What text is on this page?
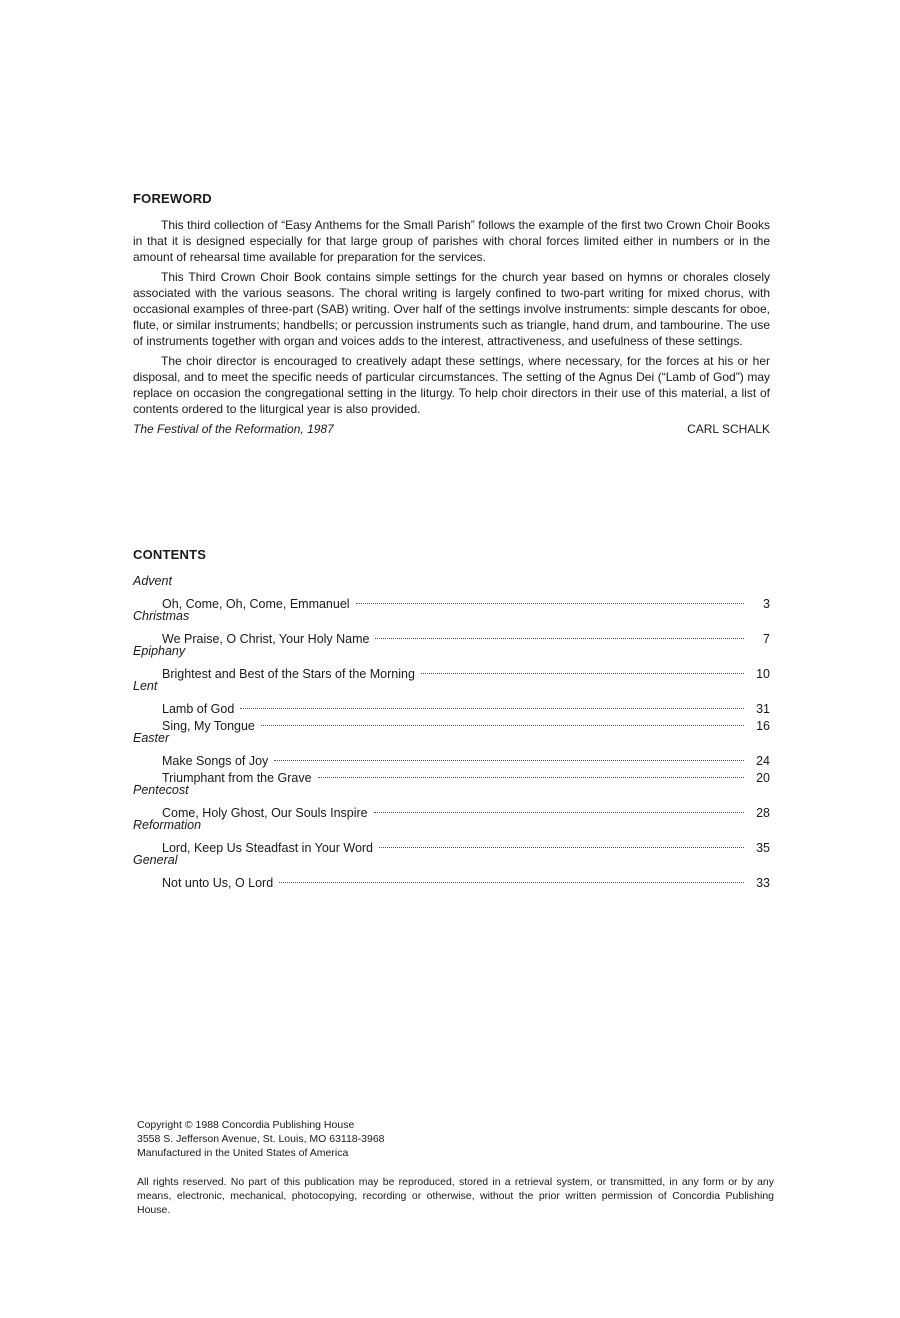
FOREWORD

This third collection of “Easy Anthems for the Small Parish” follows the example of the first two Crown Choir Books in that it is designed especially for that large group of parishes with choral forces limited either in numbers or in the amount of rehearsal time available for preparation for the services.

This Third Crown Choir Book contains simple settings for the church year based on hymns or chorales closely associated with the various seasons. The choral writing is largely confined to two-part writing for mixed chorus, with occasional examples of three-part (SAB) writing. Over half of the settings involve instruments: simple descants for oboe, flute, or similar instruments; handbells; or percussion instruments such as triangle, hand drum, and tambourine. The use of instruments together with organ and voices adds to the interest, attractiveness, and usefulness of these settings.

The choir director is encouraged to creatively adapt these settings, where necessary, for the forces at his or her disposal, and to meet the specific needs of particular circumstances. The setting of the Agnus Dei (“Lamb of God”) may replace on occasion the congregational setting in the liturgy. To help choir directors in their use of this material, a list of contents ordered to the liturgical year is also provided.

The Festival of the Reformation, 1987	CARL SCHALK
CONTENTS
Advent
Oh, Come, Oh, Come, Emmanuel	3
Christmas
We Praise, O Christ, Your Holy Name	7
Epiphany
Brightest and Best of the Stars of the Morning	10
Lent
Lamb of God	31
Sing, My Tongue	16
Easter
Make Songs of Joy	24
Triumphant from the Grave	20
Pentecost
Come, Holy Ghost, Our Souls Inspire	28
Reformation
Lord, Keep Us Steadfast in Your Word	35
General
Not unto Us, O Lord	33
Copyright © 1988 Concordia Publishing House
3558 S. Jefferson Avenue, St. Louis, MO 63118-3968
Manufactured in the United States of America
All rights reserved. No part of this publication may be reproduced, stored in a retrieval system, or transmitted, in any form or by any means, electronic, mechanical, photocopying, recording or otherwise, without the prior written permission of Concordia Publishing House.
